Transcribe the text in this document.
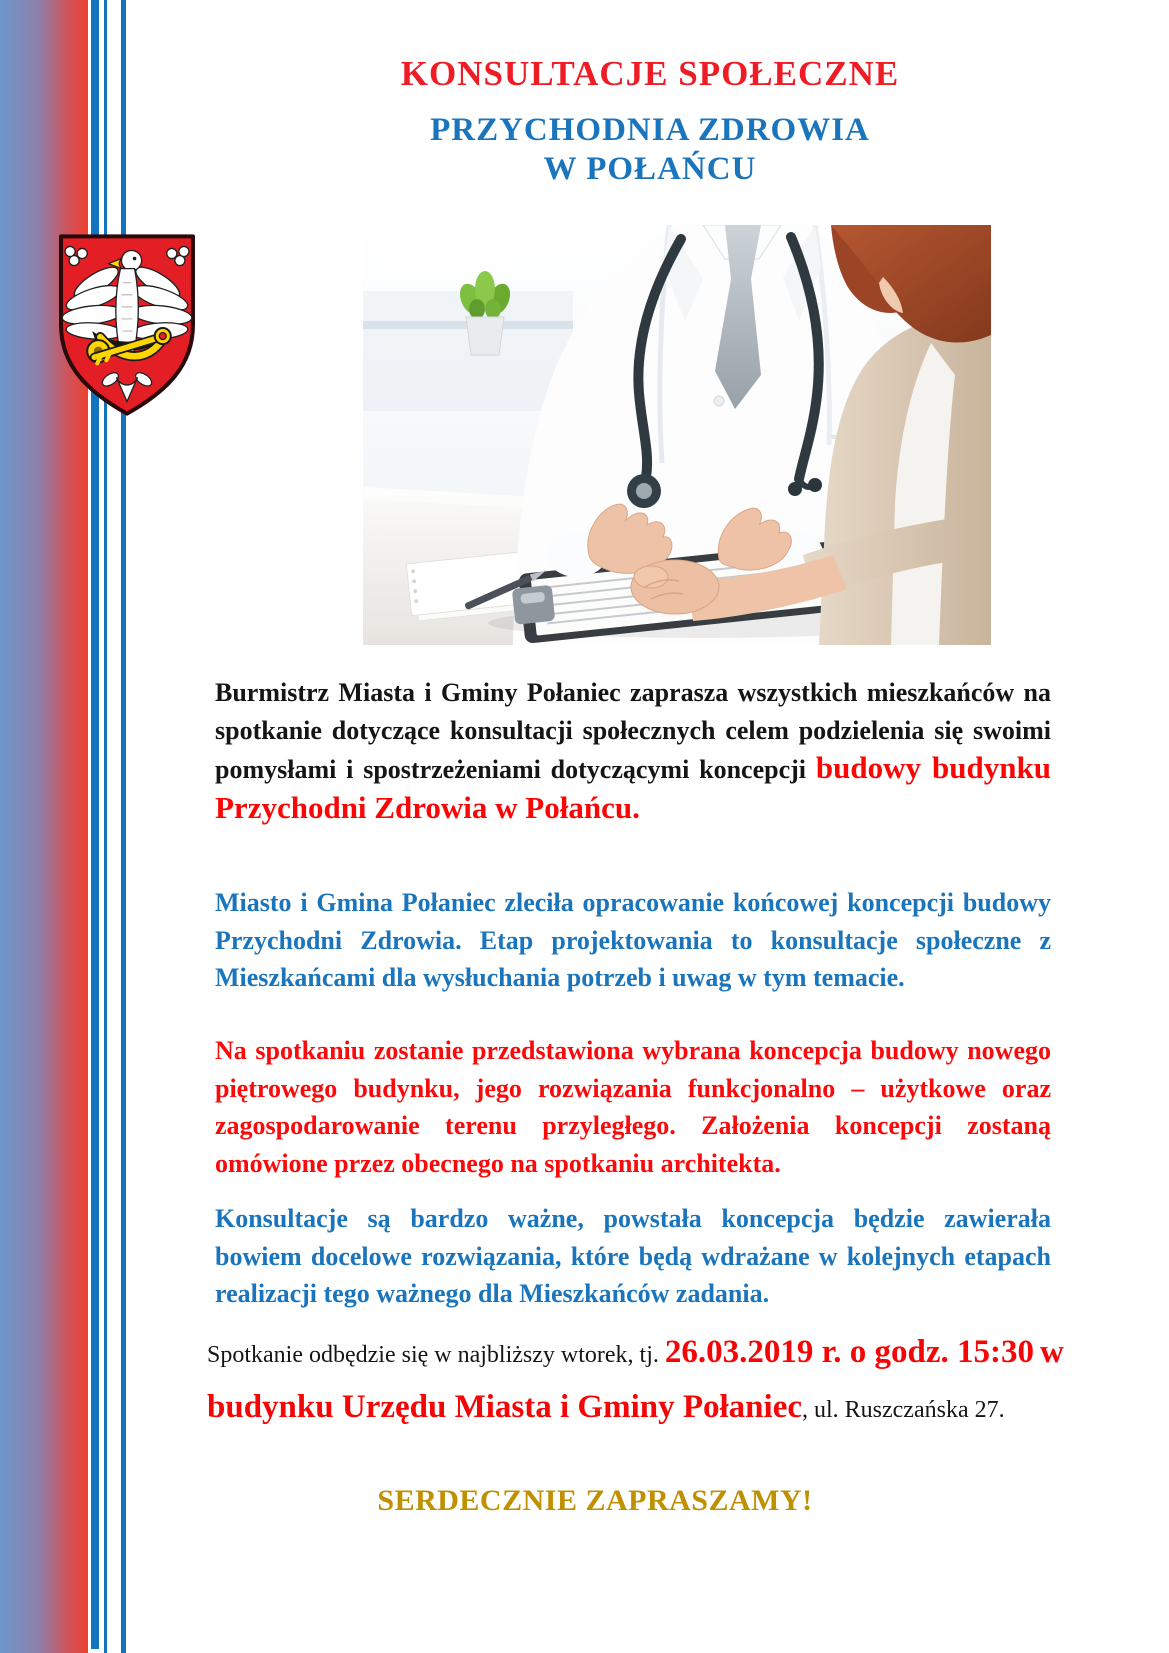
KONSULTACJE SPOŁECZNE
PRZYCHODNIA ZDROWIA
W POŁAŃCU
Burmistrz Miasta i Gminy Połaniec zaprasza wszystkich mieszkańców na spotkanie dotyczące konsultacji społecznych celem podzielenia się swoimi pomysłami i spostrzeżeniami dotyczącymi koncepcji budowy budynku Przychodni Zdrowia w Połańcu.
Miasto i Gmina Połaniec zleciła opracowanie końcowej koncepcji budowy Przychodni Zdrowia. Etap projektowania to konsultacje społeczne z Mieszkańcami dla wysłuchania potrzeb i uwag w tym temacie.
Na spotkaniu zostanie przedstawiona wybrana koncepcja budowy nowego piętrowego budynku, jego rozwiązania funkcjonalno – użytkowe oraz zagospodarowanie terenu przyległego. Założenia koncepcji zostaną omówione przez obecnego na spotkaniu architekta.
Konsultacje są bardzo ważne, powstała koncepcja będzie zawierała bowiem docelowe rozwiązania, które będą wdrażane w kolejnych etapach realizacji tego ważnego dla Mieszkańców zadania.
Spotkanie odbędzie się w najbliższy wtorek, tj. 26.03.2019 r. o godz. 15:30 w budynku Urzędu Miasta i Gminy Połaniec, ul. Ruszczańska 27.
SERDECZNIE ZAPRASZAMY!
